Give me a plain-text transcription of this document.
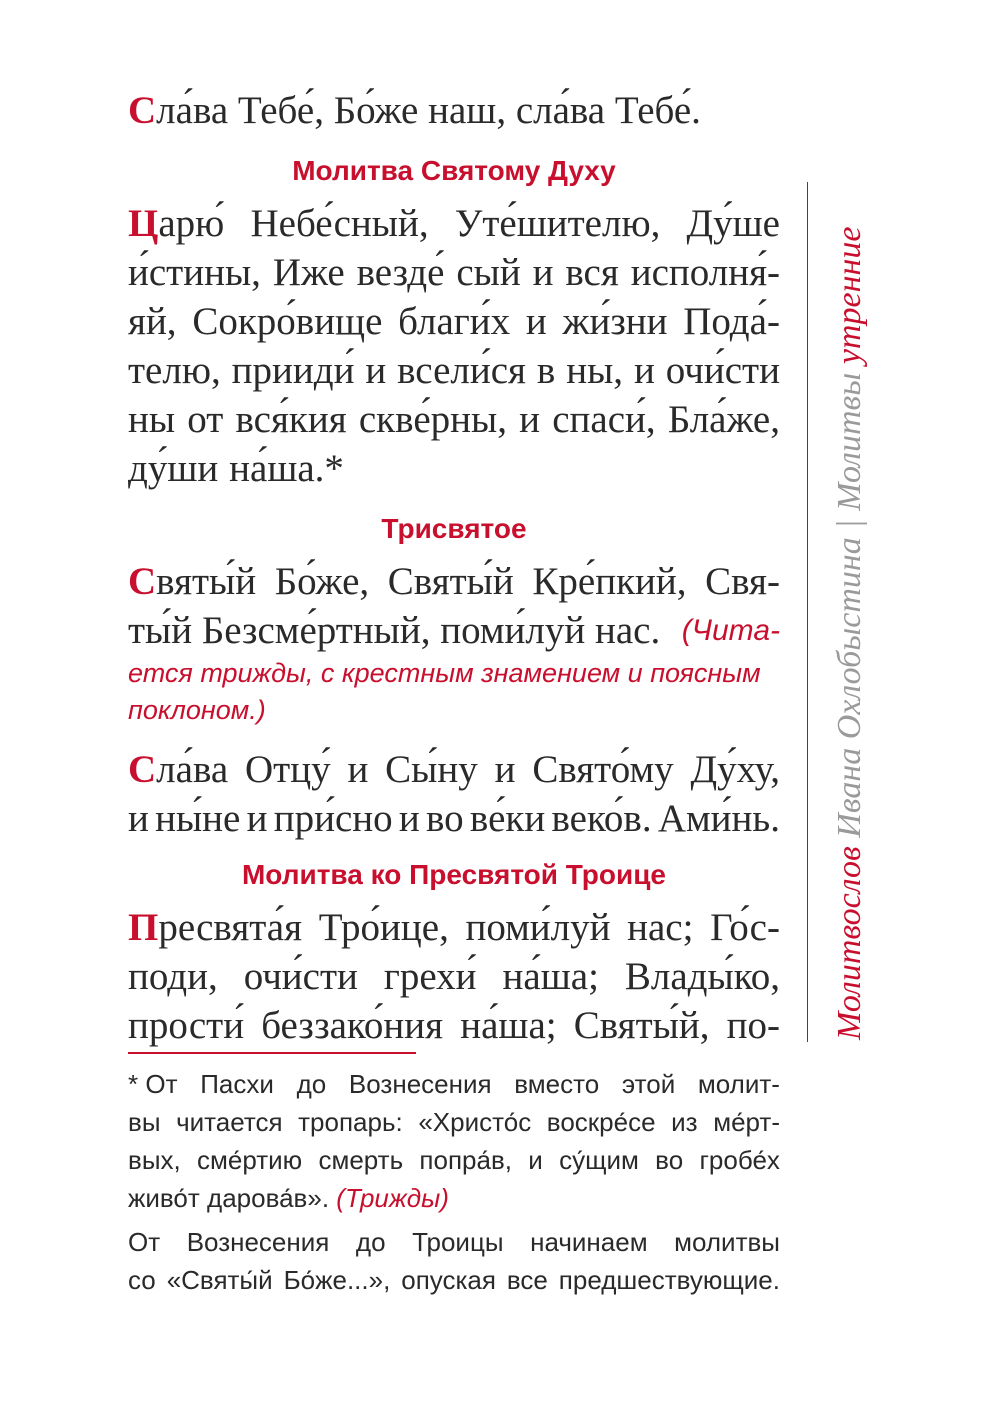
Сла́ва Тебе́, Бо́же наш, сла́ва Тебе́.
Молитва Святому Духу
Царю́ Небе́сный, Уте́шителю, Ду́ше
и́стины, Иже везде́ сый и вся исполня́-
яй, Сокро́вище благи́х и жи́зни Пода́-
телю, прииди́ и всели́ся в ны, и очи́сти
ны от вся́кия скве́рны, и спаси́, Бла́же,
ду́ши на́ша.*
Трисвятое
Святы́й Бо́же, Святы́й Кре́пкий, Свя-
ты́й Безсме́ртный, поми́луй нас. (Чита-
ется трижды, с крестным знамением и поясным
поклоном.)
Сла́ва Отцу́ и Сы́ну и Свято́му Ду́ху,
и ны́не и при́сно и во ве́ки веко́в. Ами́нь.
Молитва ко Пресвятой Троице
Пресвята́я Тро́ице, поми́луй нас; Го́с-
поди, очи́сти грехи́ на́ша; Влады́ко,
прости́ беззако́ния на́ша; Святы́й, по-
* От Пасхи до Вознесения вместо этой молит-
вы читается тропарь: «Христо́с воскре́се из ме́рт-
вых, сме́ртию смерть попра́в, и су́щим во гробе́х
живо́т дарова́в».
(Трижды)
От Вознесения до Троицы начинаем молитвы
со «Святы́й Бо́же...», опуская все предшествующие.
Молитвослов Ивана Охлобыстина | Молитвы утренние
